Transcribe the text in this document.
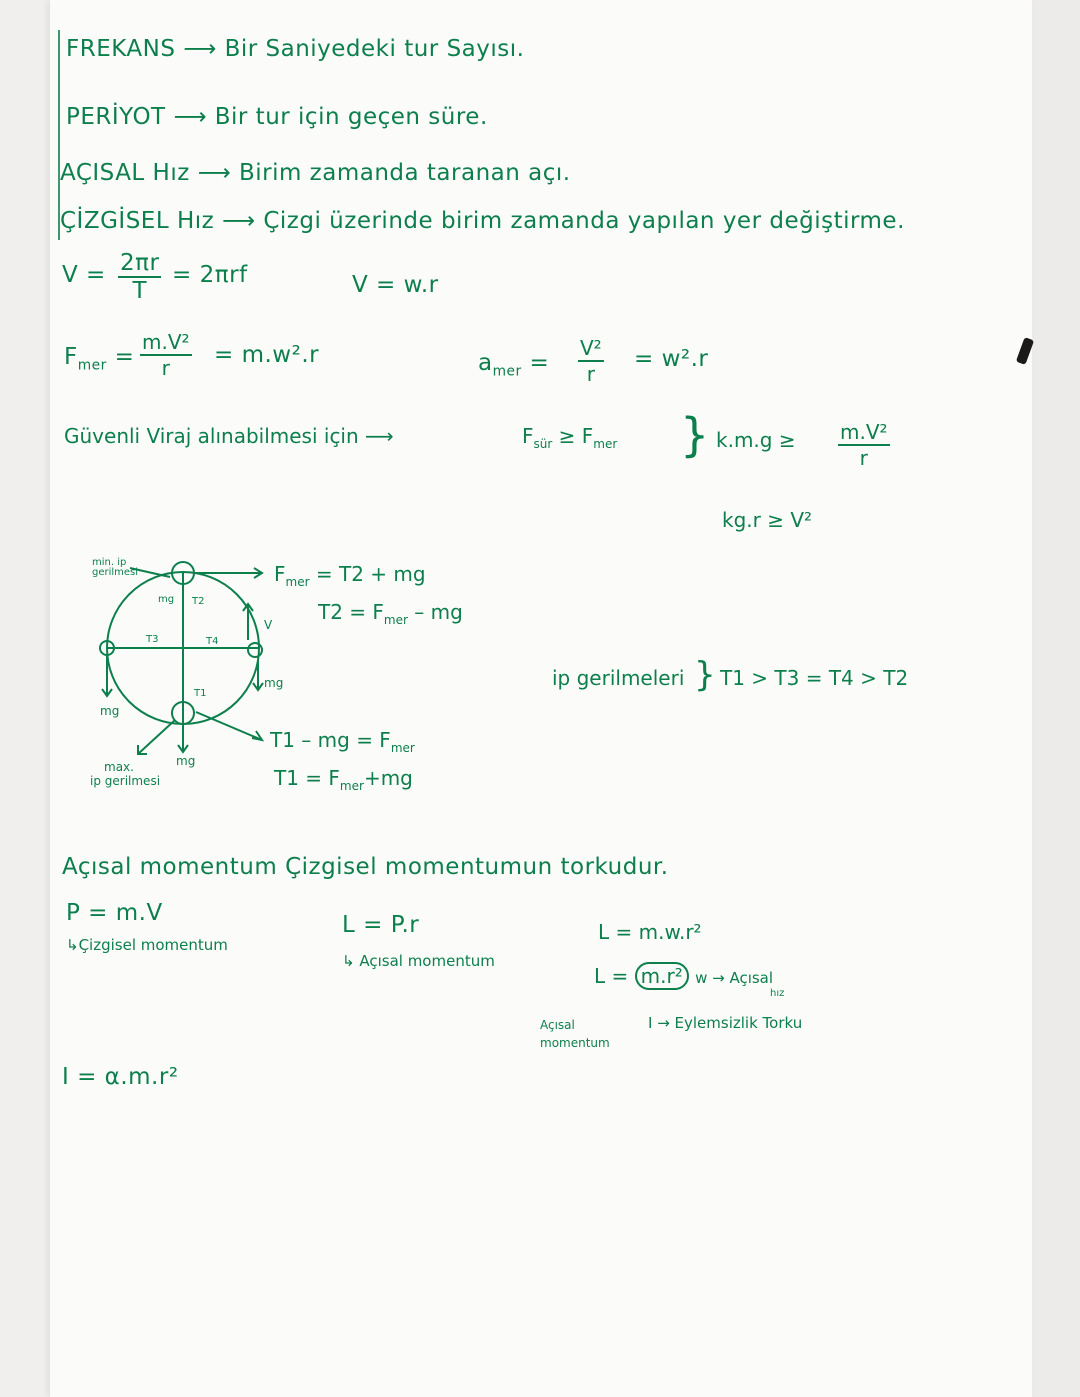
FREKANS ⟶ Bir Saniyedeki tur Sayısı.
PERİYOT ⟶ Bir tur için geçen süre.
AÇISAL Hız ⟶ Birim zamanda taranan açı.
ÇİZGİSEL Hız ⟶ Çizgi üzerinde birim zamanda yapılan yer değiştirme.
$V = \frac{2\pi r}{T} = 2\pi rf$	V = w.r
$F_{mer} = \frac{\text{m.V²}}{r} = m.w^2.r$	$a_{mer} = \frac{\text{V²}}{r} = w^2.r$
Güvenli Viraj alınabilmesi için ⟶	$F_{sür} \ge F_{mer}$ } $k.m.g \ge \frac{\text{m.V²}}{r}$
kg.r ≥ V²
min. ip
gerilmesi
mg T2
T3	T4
T1
V
mg
mg
mg
max.
ip gerilmesi
$F_{mer} = T2$ + mg
$T2 = F_{mer}$ – mg
T1 – mg = $F_{mer}$
$T1 = F_{mer}+mg$
ip gerilmeleri } T1 > T3 = T4 > T2
Açısal momentum Çizgisel momentumun torkudur.
P = m.V
↳Çizgisel momentum
L = P.r
↳ Açısal momentum
L = m.w.r²
L = m.r² w → Açısal
hız
Açısal
momentum
I → Eylemsizlik Torku
I = α.m.r²
